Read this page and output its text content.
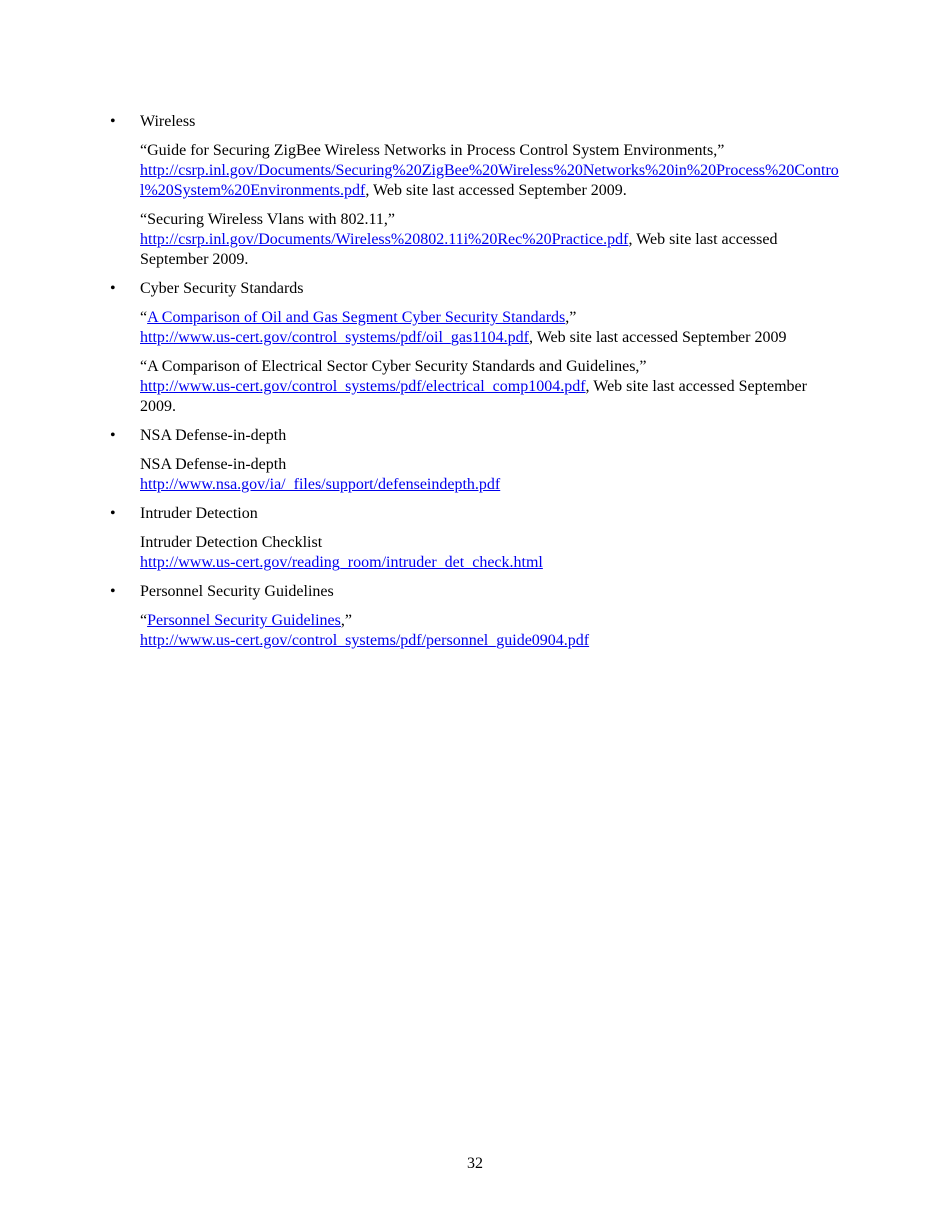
•	Wireless
“Guide for Securing ZigBee Wireless Networks in Process Control System Environments,”
http://csrp.inl.gov/Documents/Securing%20ZigBee%20Wireless%20Networks%20in%20Process%20Control%20System%20Environments.pdf, Web site last accessed September 2009.
“Securing Wireless Vlans with 802.11,”
http://csrp.inl.gov/Documents/Wireless%20802.11i%20Rec%20Practice.pdf, Web site last accessed September 2009.
•	Cyber Security Standards
“A Comparison of Oil and Gas Segment Cyber Security Standards,”
http://www.us-cert.gov/control_systems/pdf/oil_gas1104.pdf, Web site last accessed September 2009
“A Comparison of Electrical Sector Cyber Security Standards and Guidelines,”
http://www.us-cert.gov/control_systems/pdf/electrical_comp1004.pdf, Web site last accessed September 2009.
•	NSA Defense-in-depth
NSA Defense-in-depth
http://www.nsa.gov/ia/_files/support/defenseindepth.pdf
•	Intruder Detection
Intruder Detection Checklist
http://www.us-cert.gov/reading_room/intruder_det_check.html
•	Personnel Security Guidelines
“Personnel Security Guidelines,”
http://www.us-cert.gov/control_systems/pdf/personnel_guide0904.pdf
32
